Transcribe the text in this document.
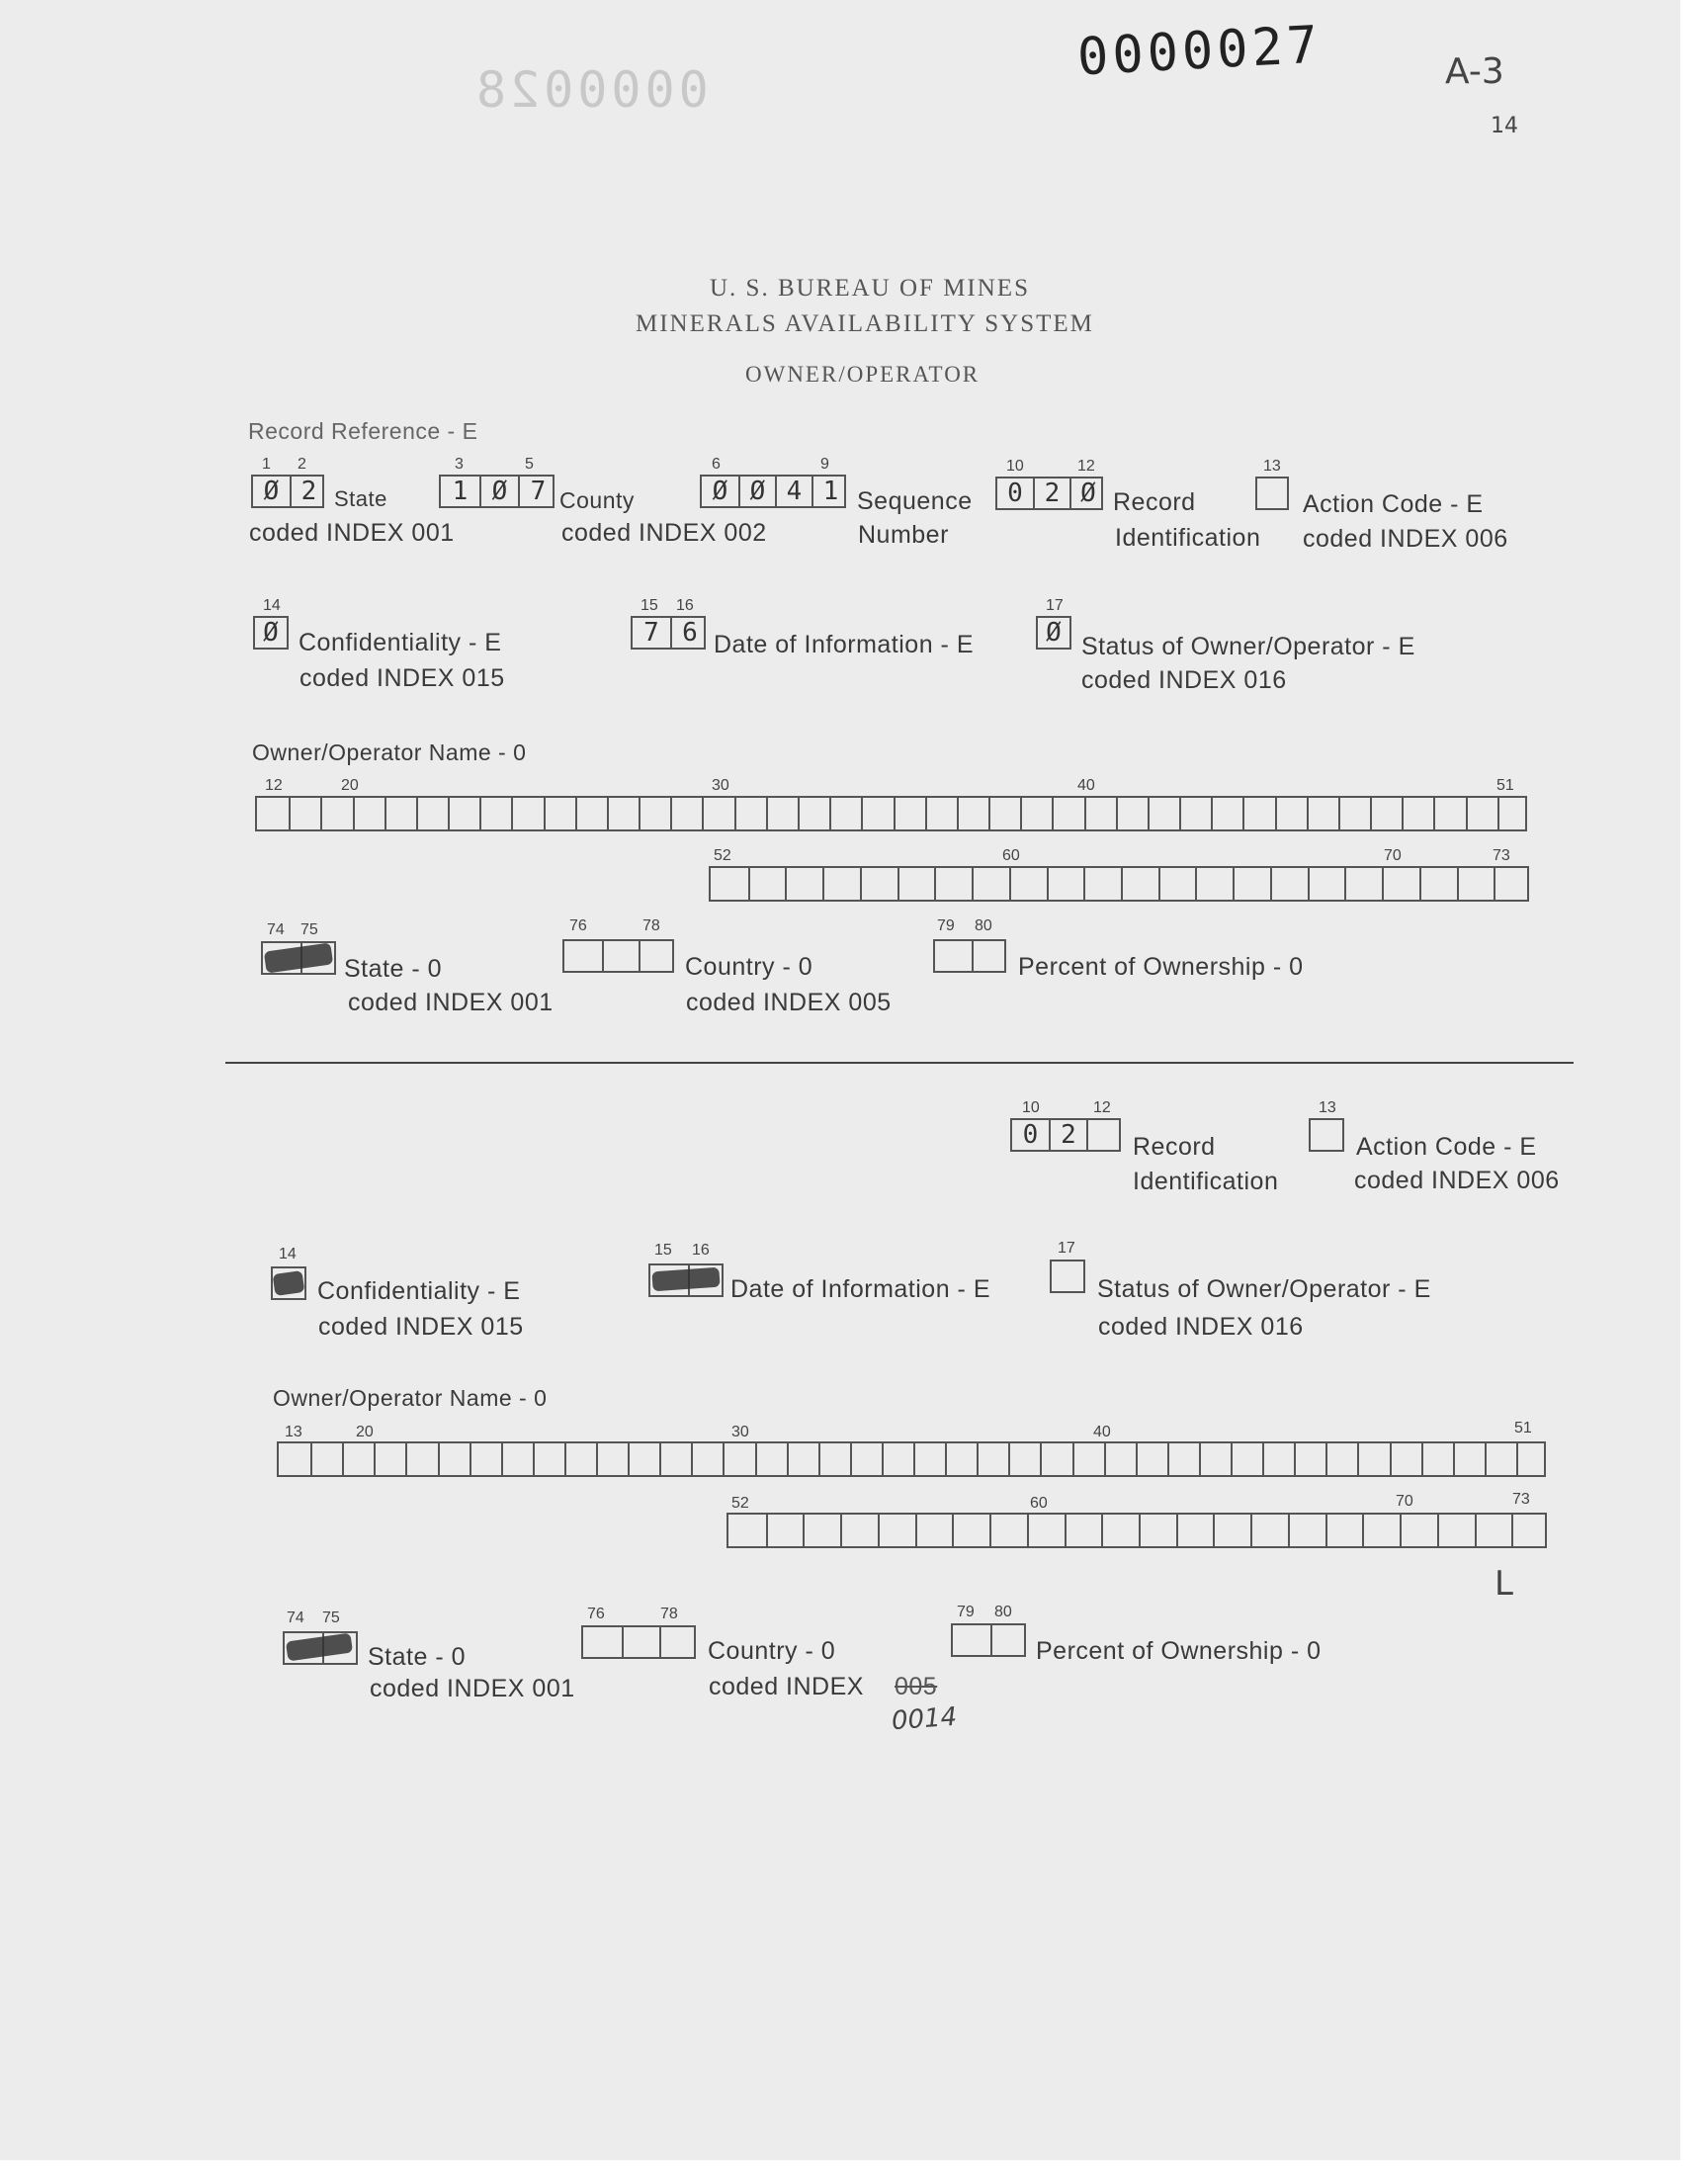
0000027
0000028	A-3
14
U. S. BUREAU OF MINES
MINERALS AVAILABILITY SYSTEM
OWNER/OPERATOR
Record Reference - E
1 2
Ø 2 State
coded INDEX 001
3	5
1 Ø 7 County
coded INDEX 002
6	9
Ø Ø 4 1 Sequence
Number
10	12
0 2 Ø Record
Identification
13
Action Code - E
coded INDEX 006
14
Ø Confidentiality - E
coded INDEX 015
15 16
7 6 Date of Information - E
17
Ø Status of Owner/Operator - E
coded INDEX 016
Owner/Operator Name - 0
12	20	30	40	51
52	60	70	73
74 75
State - 0
coded INDEX 001
76	78
Country - 0
coded INDEX 005
79 80
Percent of Ownership - 0
10	12
0 2	Record
Identification
13
Action Code - E
coded INDEX 006
14
Confidentiality - E
coded INDEX 015
15 16
Date of Information - E
17
Status of Owner/Operator - E
coded INDEX 016
Owner/Operator Name - 0
13	20	30	40	51
52	60	70	73
L
74 75
State - 0
coded INDEX 001
76	78
Country - 0
coded INDEX 005
0014
79 80
Percent of Ownership - 0
